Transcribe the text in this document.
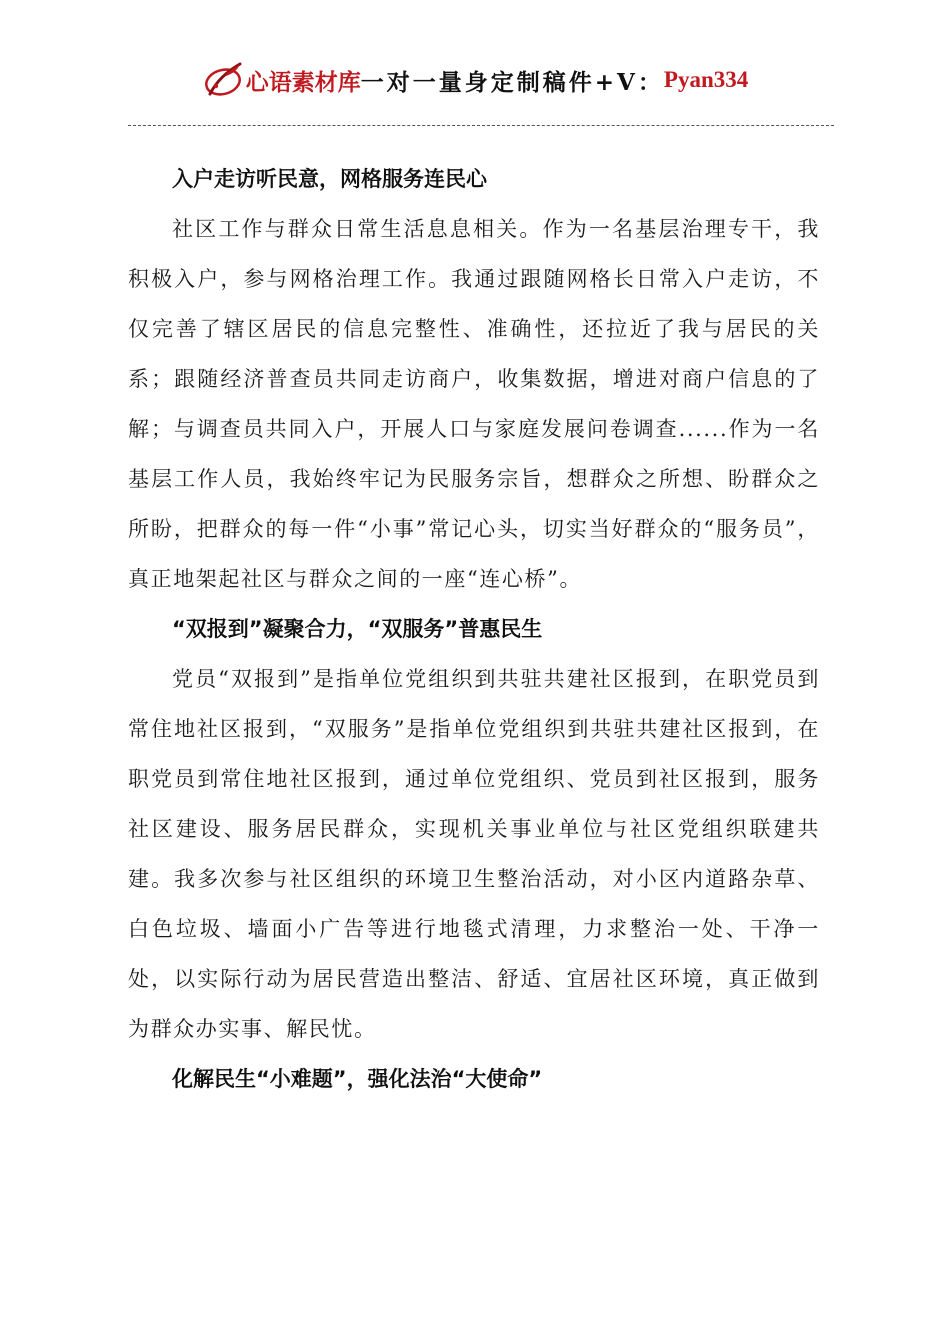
心语素材库 一对一量身定制稿件+V： Pyan334
入户走访听民意，网格服务连民心

社区工作与群众日常生活息息相关。作为一名基层治理专干，我积极入户，参与网格治理工作。我通过跟随网格长日常入户走访，不仅完善了辖区居民的信息完整性、准确性，还拉近了我与居民的关系；跟随经济普查员共同走访商户，收集数据，增进对商户信息的了解；与调查员共同入户，开展人口与家庭发展问卷调查......作为一名基层工作人员，我始终牢记为民服务宗旨，想群众之所想、盼群众之所盼，把群众的每一件“小事”常记心头，切实当好群众的“服务员”，真正地架起社区与群众之间的一座“连心桥”。

“双报到”凝聚合力，“双服务”普惠民生

党员“双报到”是指单位党组织到共驻共建社区报到，在职党员到常住地社区报到，“双服务”是指单位党组织到共驻共建社区报到，在职党员到常住地社区报到，通过单位党组织、党员到社区报到，服务社区建设、服务居民群众，实现机关事业单位与社区党组织联建共建。我多次参与社区组织的环境卫生整治活动，对小区内道路杂草、白色垃圾、墙面小广告等进行地毯式清理，力求整治一处、干净一处，以实际行动为居民营造出整洁、舒适、宜居社区环境，真正做到为群众办实事、解民忧。

化解民生“小难题”，强化法治“大使命”
